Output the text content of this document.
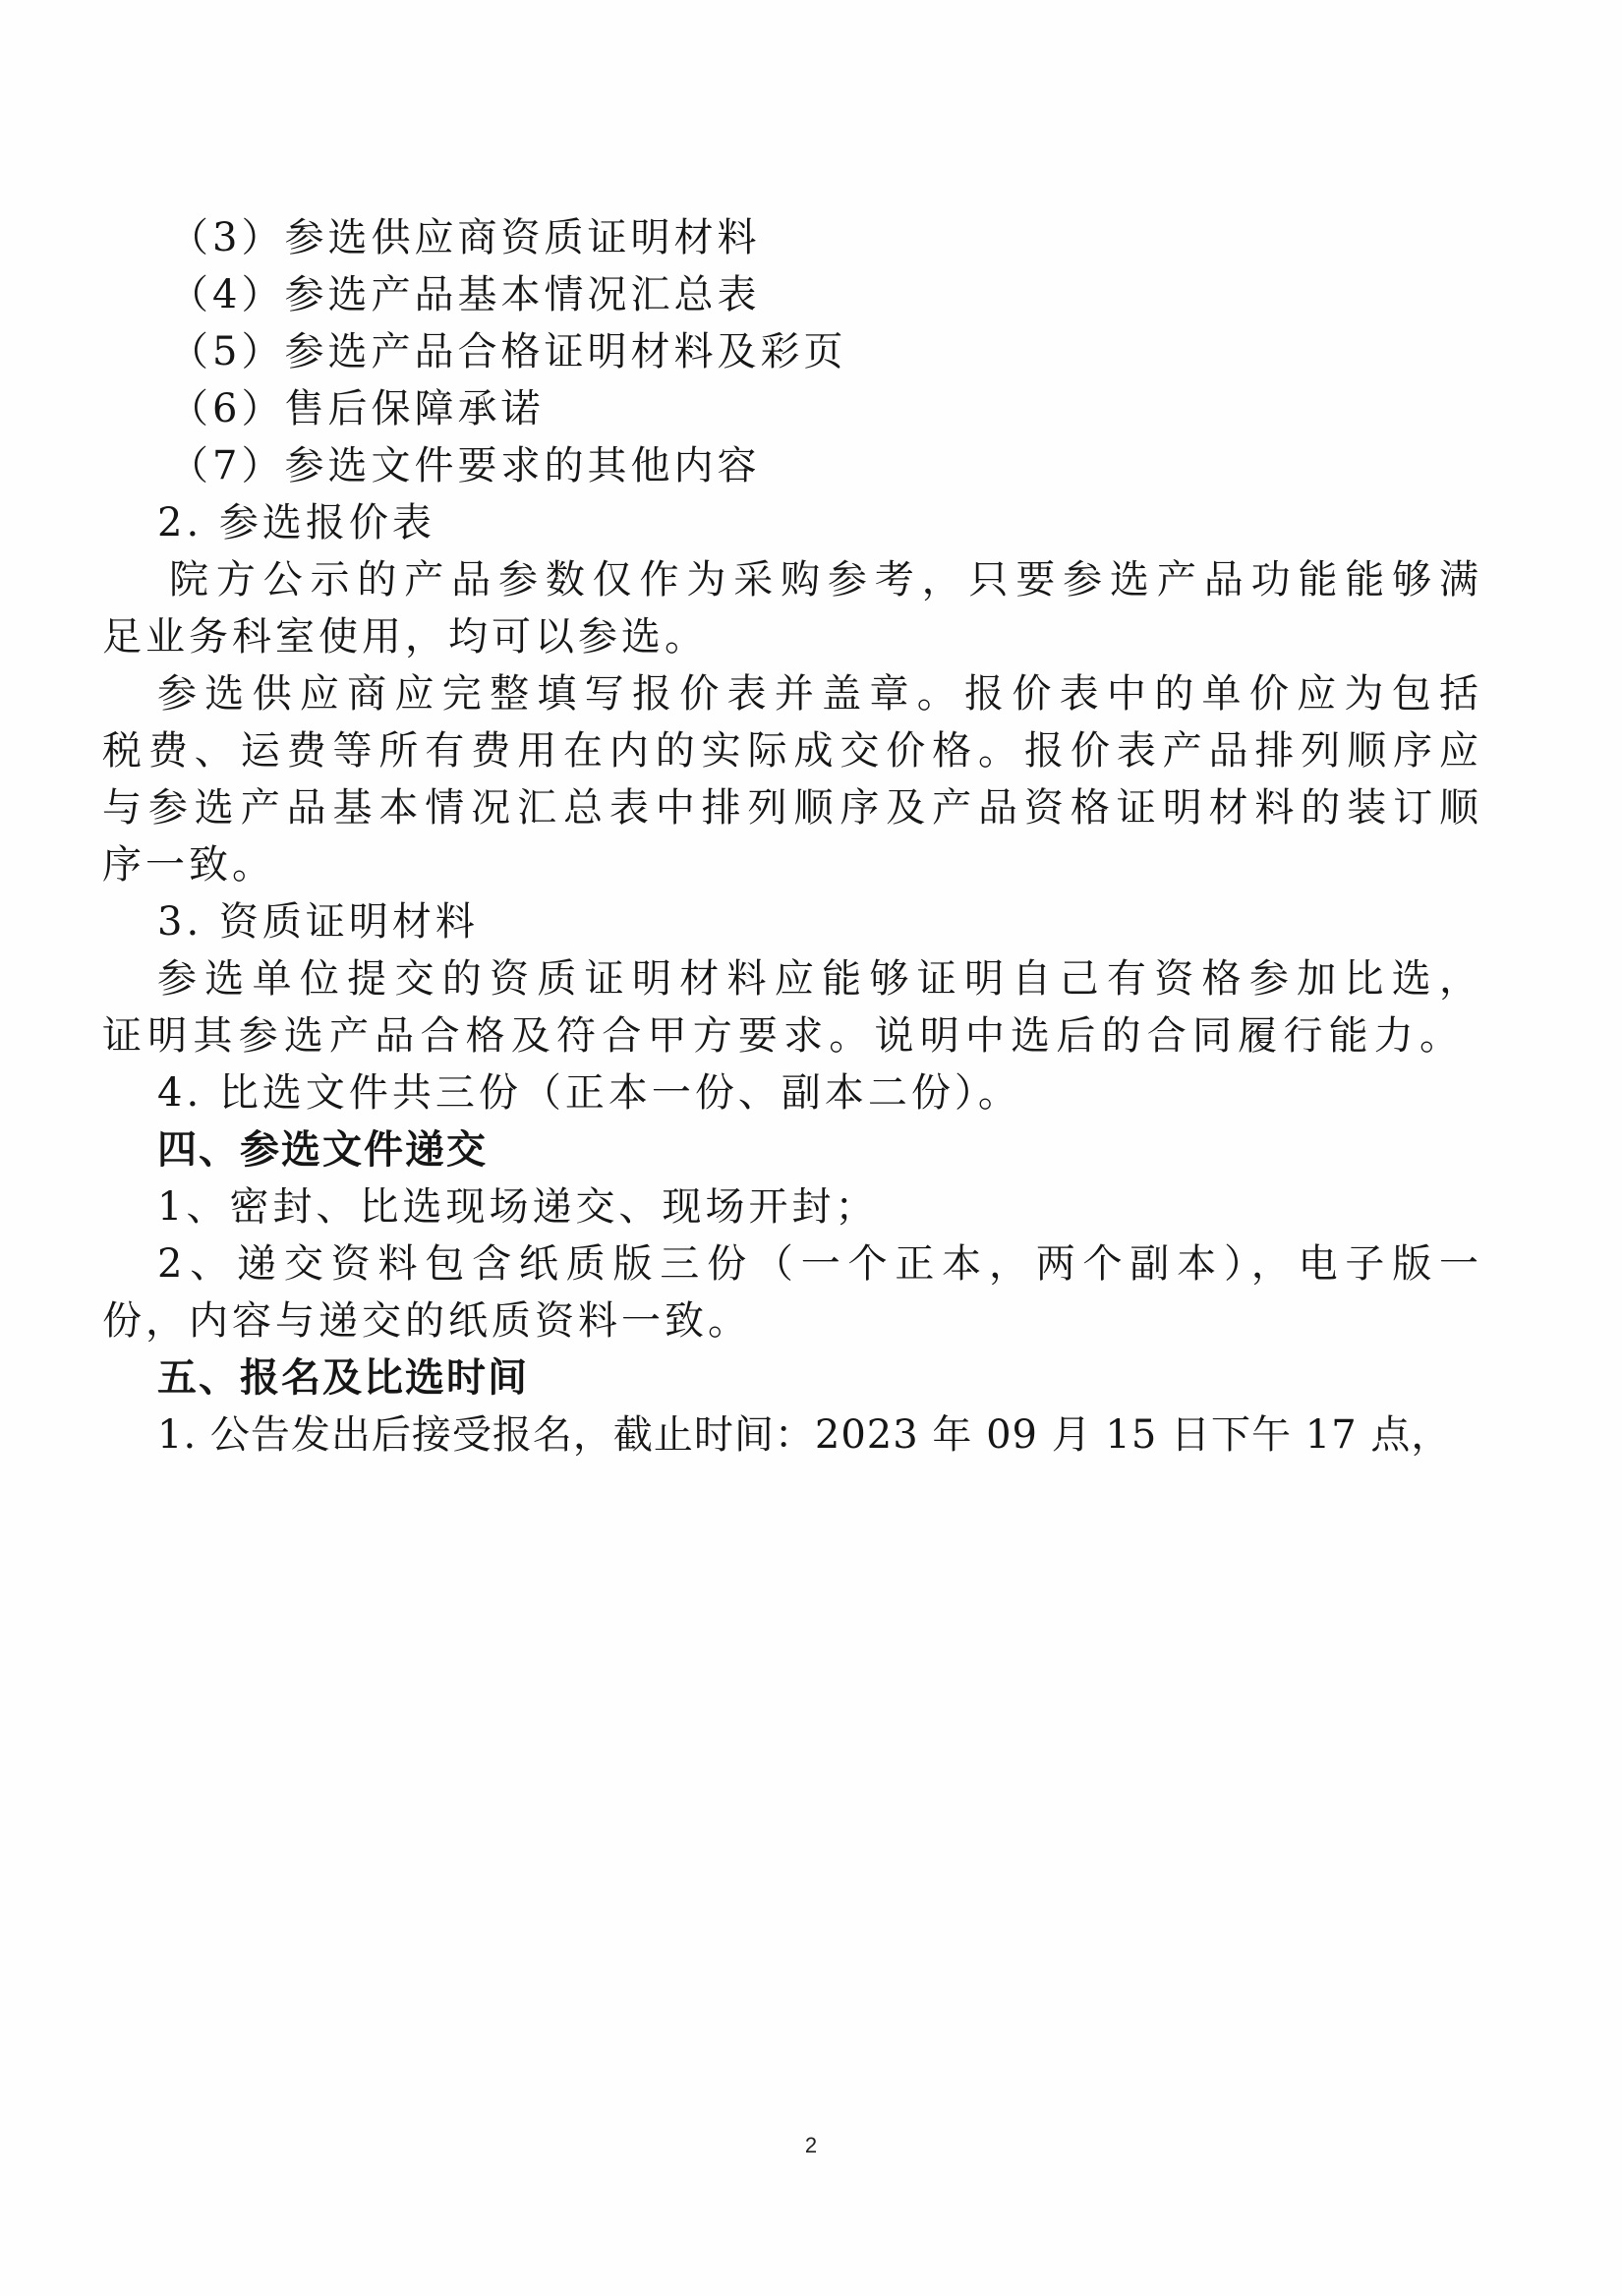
（3）参选供应商资质证明材料
（4）参选产品基本情况汇总表
（5）参选产品合格证明材料及彩页
（6）售后保障承诺
（7）参选文件要求的其他内容
2. 参选报价表
院方公示的产品参数仅作为采购参考，只要参选产品功能能够满
足业务科室使用，均可以参选。
参选供应商应完整填写报价表并盖章。报价表中的单价应为包括
税费、运费等所有费用在内的实际成交价格。报价表产品排列顺序应
与参选产品基本情况汇总表中排列顺序及产品资格证明材料的装订顺
序一致。
3. 资质证明材料
参选单位提交的资质证明材料应能够证明自己有资格参加比选，
证明其参选产品合格及符合甲方要求。说明中选后的合同履行能力。
4. 比选文件共三份（正本一份、副本二份）。
四、参选文件递交
1、密封、比选现场递交、现场开封；
2、递交资料包含纸质版三份（一个正本，两个副本），电子版一
份，内容与递交的纸质资料一致。
五、报名及比选时间
1. 公告发出后接受报名，截止时间：2023 年 09 月 15 日下午 17 点，
2
